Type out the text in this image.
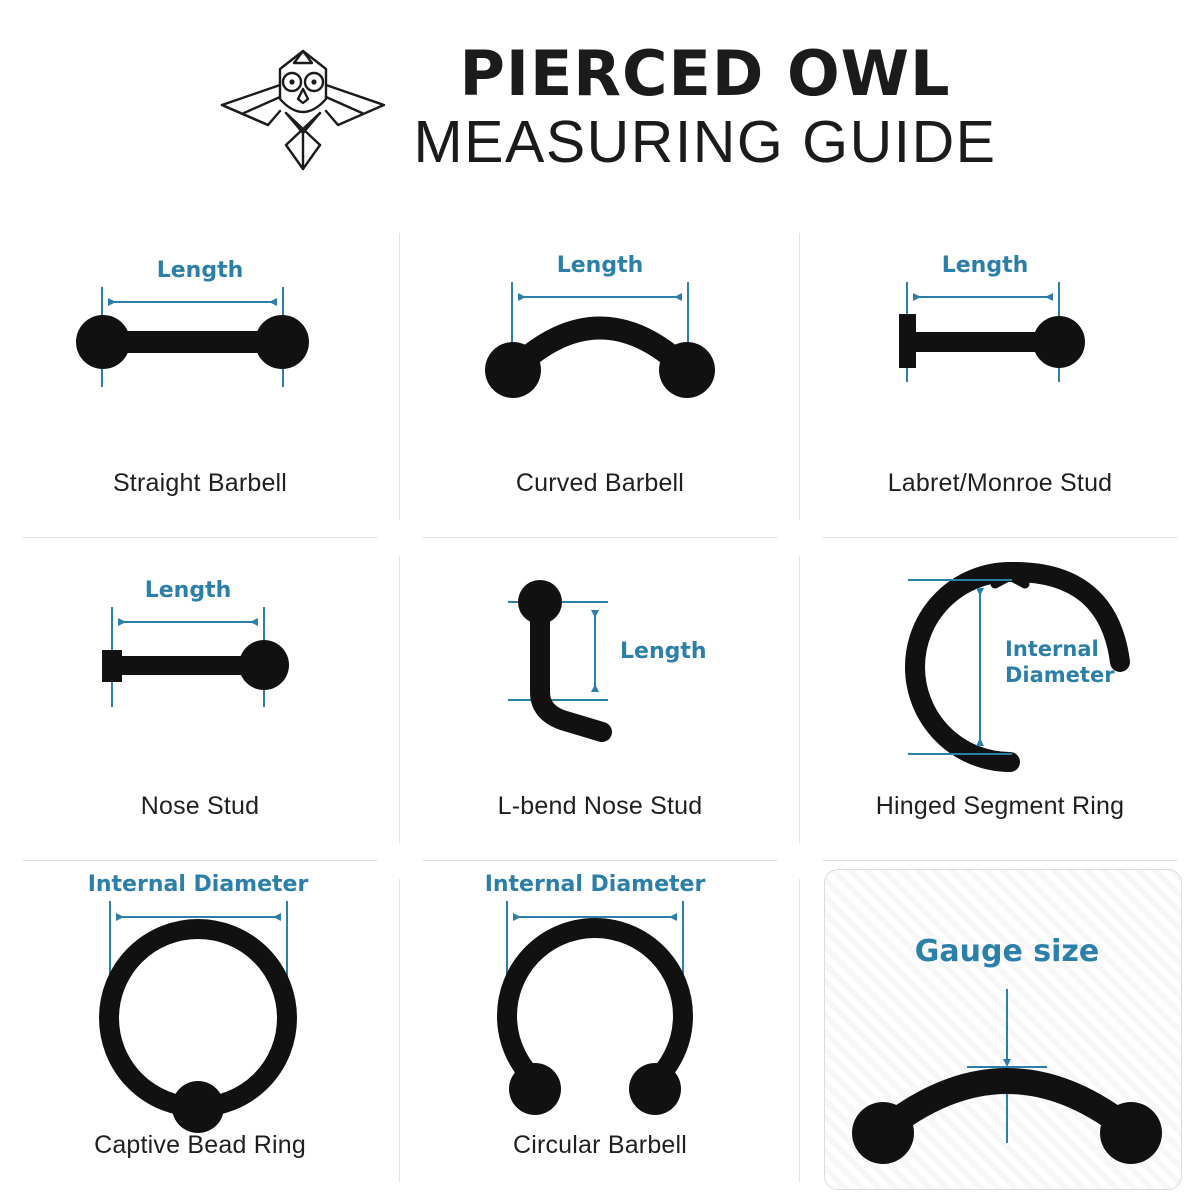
PIERCED OWL
MEASURING GUIDE
Length
Straight Barbell
Length
Curved Barbell
Length
Labret/Monroe Stud
Length
Nose Stud
Length
L-bend Nose Stud
Internal
Diameter
Hinged Segment Ring
Internal Diameter
Captive Bead Ring
Internal Diameter
Circular Barbell
Gauge size
